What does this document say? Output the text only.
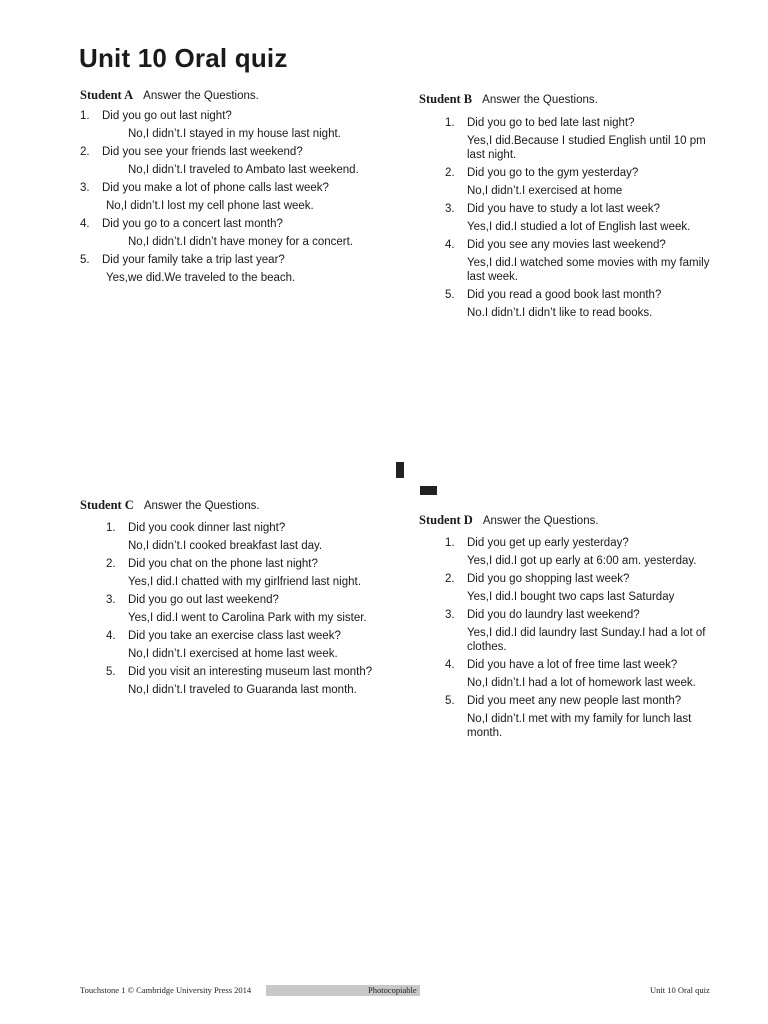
Unit 10 Oral quiz
Student A Answer the Questions.
1. Did you go out last night?
No,I didn’t.I stayed in my house last night.
2. Did you see your friends last weekend?
No,I didn’t.I traveled to Ambato last weekend.
3. Did you make a lot of phone calls last week?
No,I didn’t.I lost my cell phone last week.
4. Did you go to a concert last month?
No,I didn’t.I didn’t have money for a concert.
5. Did your family take a trip last year?
Yes,we did.We traveled to the beach.
Student B Answer the Questions.
1. Did you go to bed late last night?
Yes,I did.Because I studied English until 10 pm last night.
2. Did you go to the gym yesterday?
No,I didn’t.I exercised at home
3. Did you have to study a lot last week?
Yes,I did.I studied a lot of English last week.
4. Did you see any movies last weekend?
Yes,I did.I watched some movies with my family last week.
5. Did you read a good book last month?
No.I didn’t.I didn’t like to read books.
Student C Answer the Questions.
1. Did you cook dinner last night?
No,I didn’t.I cooked breakfast last day.
2. Did you chat on the phone last night?
Yes,I did.I chatted with my girlfriend last night.
3. Did you go out last weekend?
Yes,I did.I went to Carolina Park with my sister.
4. Did you take an exercise class last week?
No,I didn’t.I exercised at home last week.
5. Did you visit an interesting museum last month?
No,I didn’t.I traveled to Guaranda last month.
Student D Answer the Questions.
1. Did you get up early yesterday?
Yes,I did.I got up early at 6:00 am. yesterday.
2. Did you go shopping last week?
Yes,I did.I bought two caps last Saturday
3. Did you do laundry last weekend?
Yes,I did.I did laundry last Sunday.I had a lot of clothes.
4. Did you have a lot of free time last week?
No,I didn’t.I had a lot of homework last week.
5. Did you meet any new people last month?
No,I didn’t.I met with my family for lunch last month.
Touchstone 1 © Cambridge University Press 2014	Photocopiable	Unit 10 Oral quiz
